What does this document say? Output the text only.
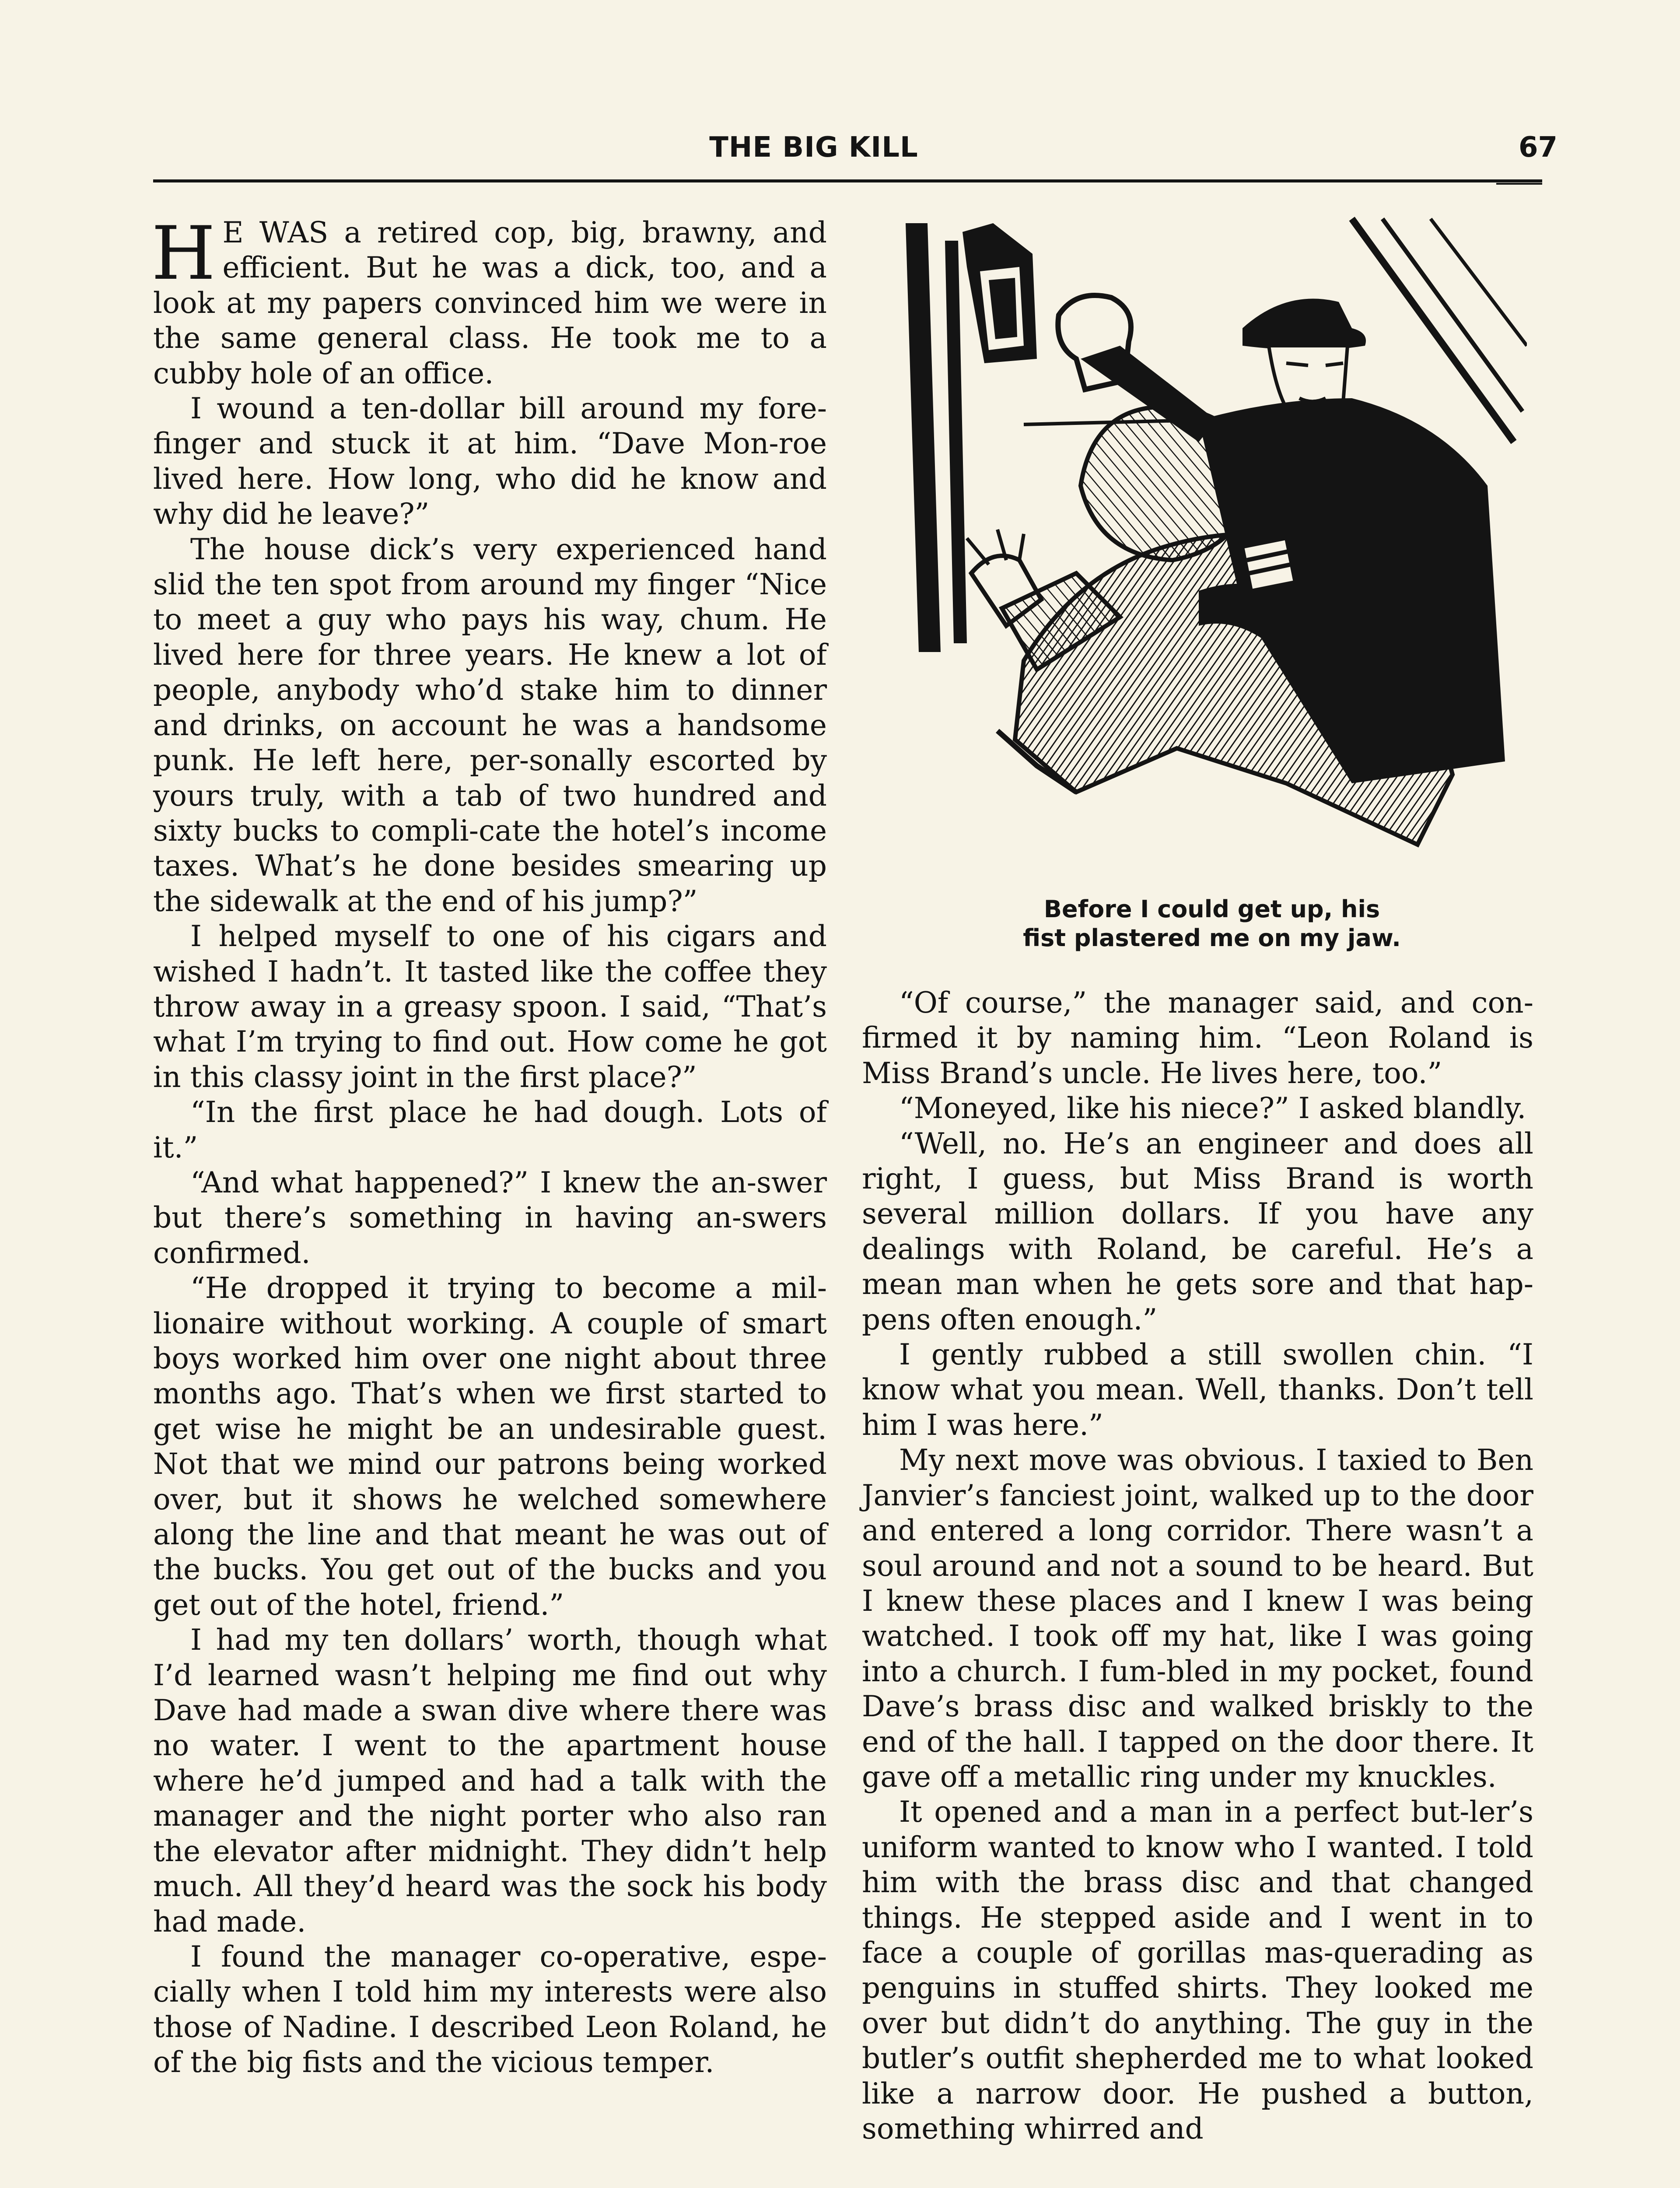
THE BIG KILL	67

H E WAS a retired cop, big, brawny, and efficient. But he was a dick, too, and a look at my papers convinced him we were in the same general class. He took me to a cubby hole of an office.

I wound a ten-dollar bill around my fore-finger and stuck it at him. “Dave Mon-roe lived here. How long, who did he know and why did he leave?”

The house dick’s very experienced hand slid the ten spot from around my finger “Nice to meet a guy who pays his way, chum. He lived here for three years. He knew a lot of people, anybody who’d stake him to dinner and drinks, on account he was a handsome punk. He left here, per-sonally escorted by yours truly, with a tab of two hundred and sixty bucks to compli-cate the hotel’s income taxes. What’s he done besides smearing up the sidewalk at the end of his jump?”

I helped myself to one of his cigars and wished I hadn’t. It tasted like the coffee they throw away in a greasy spoon. I said, “That’s what I’m trying to find out. How come he got in this classy joint in the first place?”

“In the first place he had dough. Lots of it.”

“And what happened?” I knew the an-swer but there’s something in having an-swers confirmed.

“He dropped it trying to become a mil-lionaire without working. A couple of smart boys worked him over one night about three months ago. That’s when we first started to get wise he might be an undesirable guest. Not that we mind our patrons being worked over, but it shows he welched somewhere along the line and that meant he was out of the bucks. You get out of the bucks and you get out of the hotel, friend.”

I had my ten dollars’ worth, though what I’d learned wasn’t helping me find out why Dave had made a swan dive where there was no water. I went to the apartment house where he’d jumped and had a talk with the manager and the night porter who also ran the elevator after midnight. They didn’t help much. All they’d heard was the sock his body had made.

I found the manager co-operative, espe-cially when I told him my interests were also those of Nadine. I described Leon Roland, he of the big fists and the vicious temper.

Before I could get up, his
fist plastered me on my jaw.

“Of course,” the manager said, and con-firmed it by naming him. “Leon Roland is Miss Brand’s uncle. He lives here, too.”

“Moneyed, like his niece?” I asked blandly.

“Well, no. He’s an engineer and does all right, I guess, but Miss Brand is worth several million dollars. If you have any dealings with Roland, be careful. He’s a mean man when he gets sore and that hap-pens often enough.”

I gently rubbed a still swollen chin. “I know what you mean. Well, thanks. Don’t tell him I was here.”

My next move was obvious. I taxied to Ben Janvier’s fanciest joint, walked up to the door and entered a long corridor. There wasn’t a soul around and not a sound to be heard. But I knew these places and I knew I was being watched. I took off my hat, like I was going into a church. I fum-bled in my pocket, found Dave’s brass disc and walked briskly to the end of the hall. I tapped on the door there. It gave off a metallic ring under my knuckles.

It opened and a man in a perfect but-ler’s uniform wanted to know who I wanted. I told him with the brass disc and that changed things. He stepped aside and I went in to face a couple of gorillas mas-querading as penguins in stuffed shirts. They looked me over but didn’t do anything. The guy in the butler’s outfit shepherded me to what looked like a narrow door. He pushed a button, something whirred and
